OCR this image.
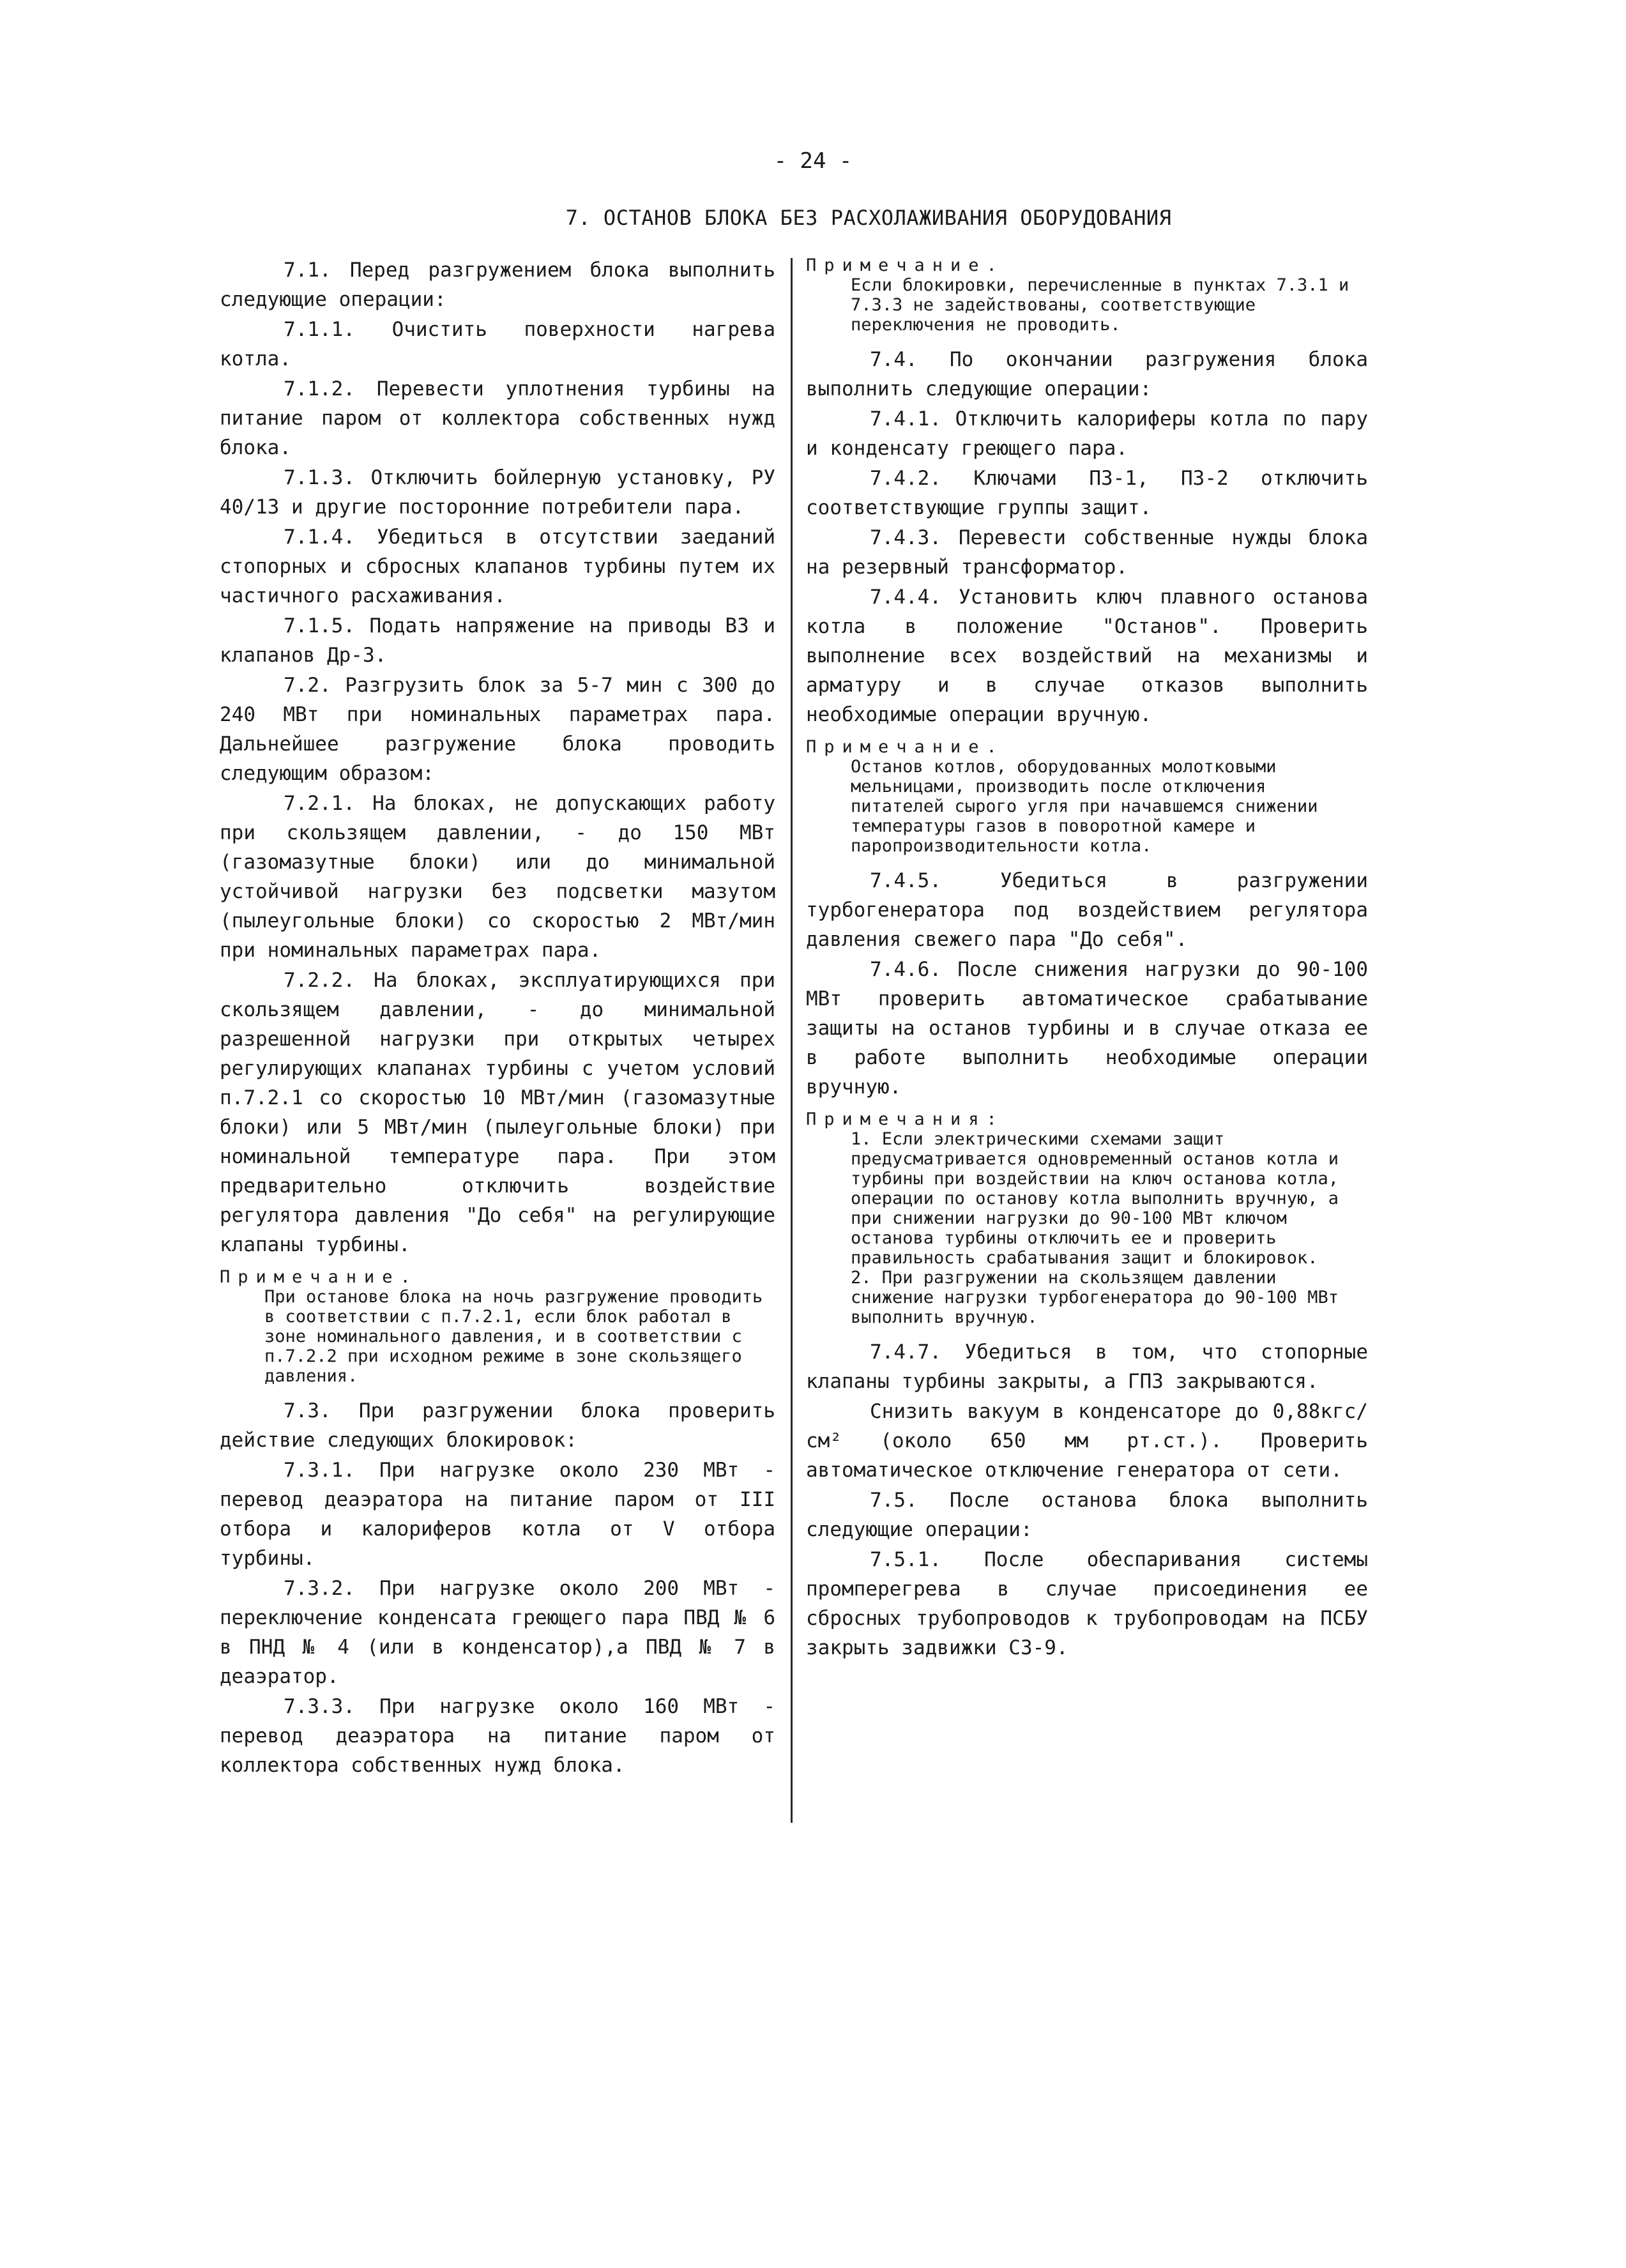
- 24 -
7. ОСТАНОВ БЛОКА БЕЗ РАСХОЛАЖИВАНИЯ ОБОРУДОВАНИЯ

7.1. Перед разгружением блока выполнить следующие операции:

7.1.1. Очистить поверхности нагрева котла.

7.1.2. Перевести уплотнения турбины на питание паром от коллектора собственных нужд блока.

7.1.3. Отключить бойлерную установку, РУ 40/13 и другие посторонние потребители пара.

7.1.4. Убедиться в отсутствии заеданий стопорных и сбросных клапанов турбины путем их частичного расхаживания.

7.1.5. Подать напряжение на приводы ВЗ и клапанов Др-3.

7.2. Разгрузить блок за 5-7 мин с 300 до 240 МВт при номинальных параметрах пара. Дальнейшее разгружение блока проводить следующим образом:

7.2.1. На блоках, не допускающих работу при скользящем давлении, - до 150 МВт (газомазутные блоки) или до минимальной устойчивой нагрузки без подсветки мазутом (пылеугольные блоки) со скоростью 2 МВт/мин при номинальных параметрах пара.

7.2.2. На блоках, эксплуатирующихся при скользящем давлении, - до минимальной разрешенной нагрузки при открытых четырех регулирующих клапанах турбины с учетом условий п.7.2.1 со скоростью 10 МВт/мин (газомазутные блоки) или 5 МВт/мин (пылеугольные блоки) при номинальной температуре пара. При этом предварительно отключить воздействие регулятора давления "До себя" на регулирующие клапаны турбины.

Примечание.
При останове блока на ночь разгружение проводить в соответствии с п.7.2.1, если блок работал в зоне номинального давления, и в соответствии с п.7.2.2 при исходном режиме в зоне скользящего давления.

7.3. При разгружении блока проверить действие следующих блокировок:

7.3.1. При нагрузке около 230 МВт - перевод деаэратора на питание паром от III отбора и калориферов котла от V отбора турбины.

7.3.2. При нагрузке около 200 МВт - переключение конденсата греющего пара ПВД № 6 в ПНД № 4 (или в конденсатор),а ПВД № 7 в деаэратор.

7.3.3. При нагрузке около 160 МВт - перевод деаэратора на питание паром от коллектора собственных нужд блока.

Примечание.
Если блокировки, перечисленные в пунктах 7.3.1 и 7.3.3 не задействованы, соответствующие переключения не проводить.

7.4. По окончании разгружения блока выполнить следующие операции:

7.4.1. Отключить калориферы котла по пару и конденсату греющего пара.

7.4.2. Ключами ПЗ-1, ПЗ-2 отключить соответствующие группы защит.

7.4.3. Перевести собственные нужды блока на резервный трансформатор.

7.4.4. Установить ключ плавного останова котла в положение "Останов". Проверить выполнение всех воздействий на механизмы и арматуру и в случае отказов выполнить необходимые операции вручную.

Примечание.
Останов котлов, оборудованных молотковыми мельницами, производить после отключения питателей сырого угля при начавшемся снижении температуры газов в поворотной камере и паропроизводительности котла.

7.4.5. Убедиться в разгружении турбогенератора под воздействием регулятора давления свежего пара "До себя".

7.4.6. После снижения нагрузки до 90-100 МВт проверить автоматическое срабатывание защиты на останов турбины и в случае отказа ее в работе выполнить необходимые операции вручную.

Примечания:
1. Если электрическими схемами защит предусматривается одновременный останов котла и турбины при воздействии на ключ останова котла, операции по останову котла выполнить вручную, а при снижении нагрузки до 90-100 МВт ключом останова турбины отключить ее и проверить правильность срабатывания защит и блокировок.
2. При разгружении на скользящем давлении снижение нагрузки турбогенератора до 90-100 МВт выполнить вручную.

7.4.7. Убедиться в том, что стопорные клапаны турбины закрыты, а ГПЗ закрываются.

Снизить вакуум в конденсаторе до 0,88кгс/см² (около 650 мм рт.ст.). Проверить автоматическое отключение генератора от сети.

7.5. После останова блока выполнить следующие операции:

7.5.1. После обеспаривания системы промперегрева в случае присоединения ее сбросных трубопроводов к трубопроводам на ПСБУ закрыть задвижки СЗ-9.
